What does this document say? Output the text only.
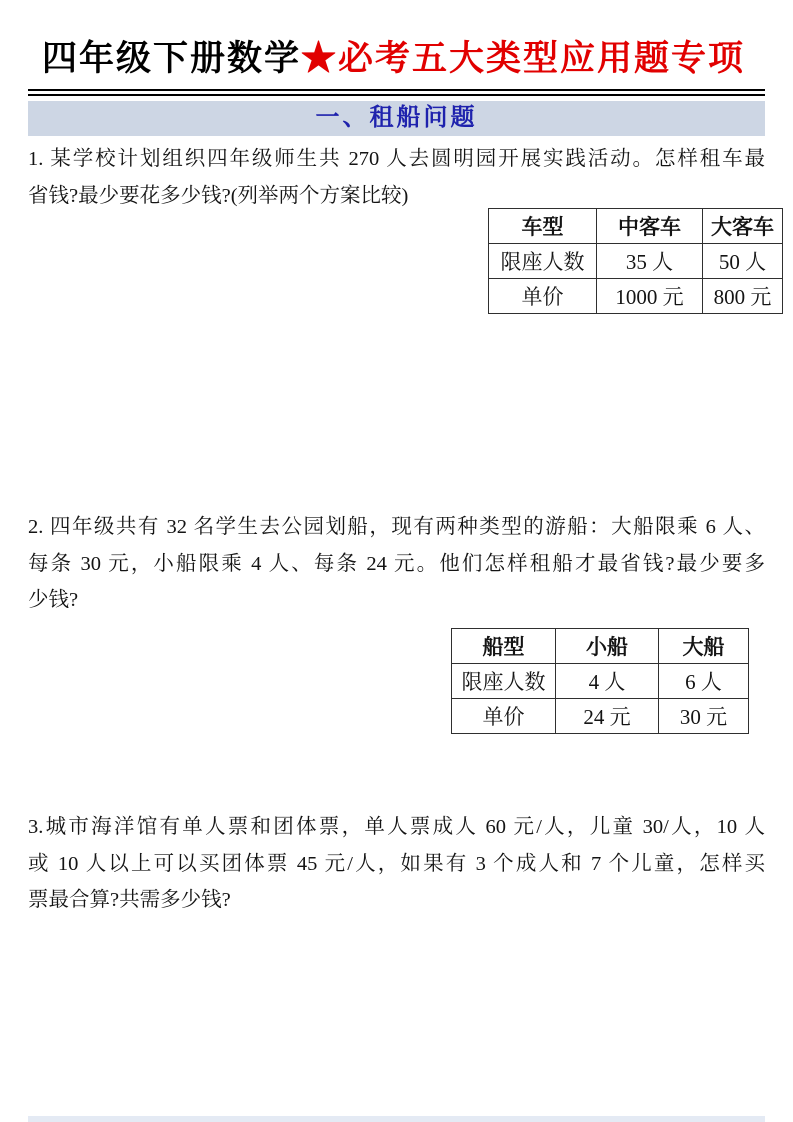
四年级下册数学★必考五大类型应用题专项
一、租船问题
1. 某学校计划组织四年级师生共 270 人去圆明园开展实践活动。怎样租车最
省钱?最少要花多少钱?(列举两个方案比较)
车型	中客车	大客车
限座人数	35 人	50 人
单价	1000 元	800 元
2. 四年级共有 32 名学生去公园划船，现有两种类型的游船：大船限乘 6 人、
每条 30 元，小船限乘 4 人、每条 24 元。他们怎样租船才最省钱?最少要多
少钱?
船型	小船	大船
限座人数	4 人	6 人
单价	24 元	30 元
3.城市海洋馆有单人票和团体票，单人票成人 60 元/人，儿童 30/人，10 人
或 10 人以上可以买团体票 45 元/人，如果有 3 个成人和 7 个儿童，怎样买
票最合算?共需多少钱?
